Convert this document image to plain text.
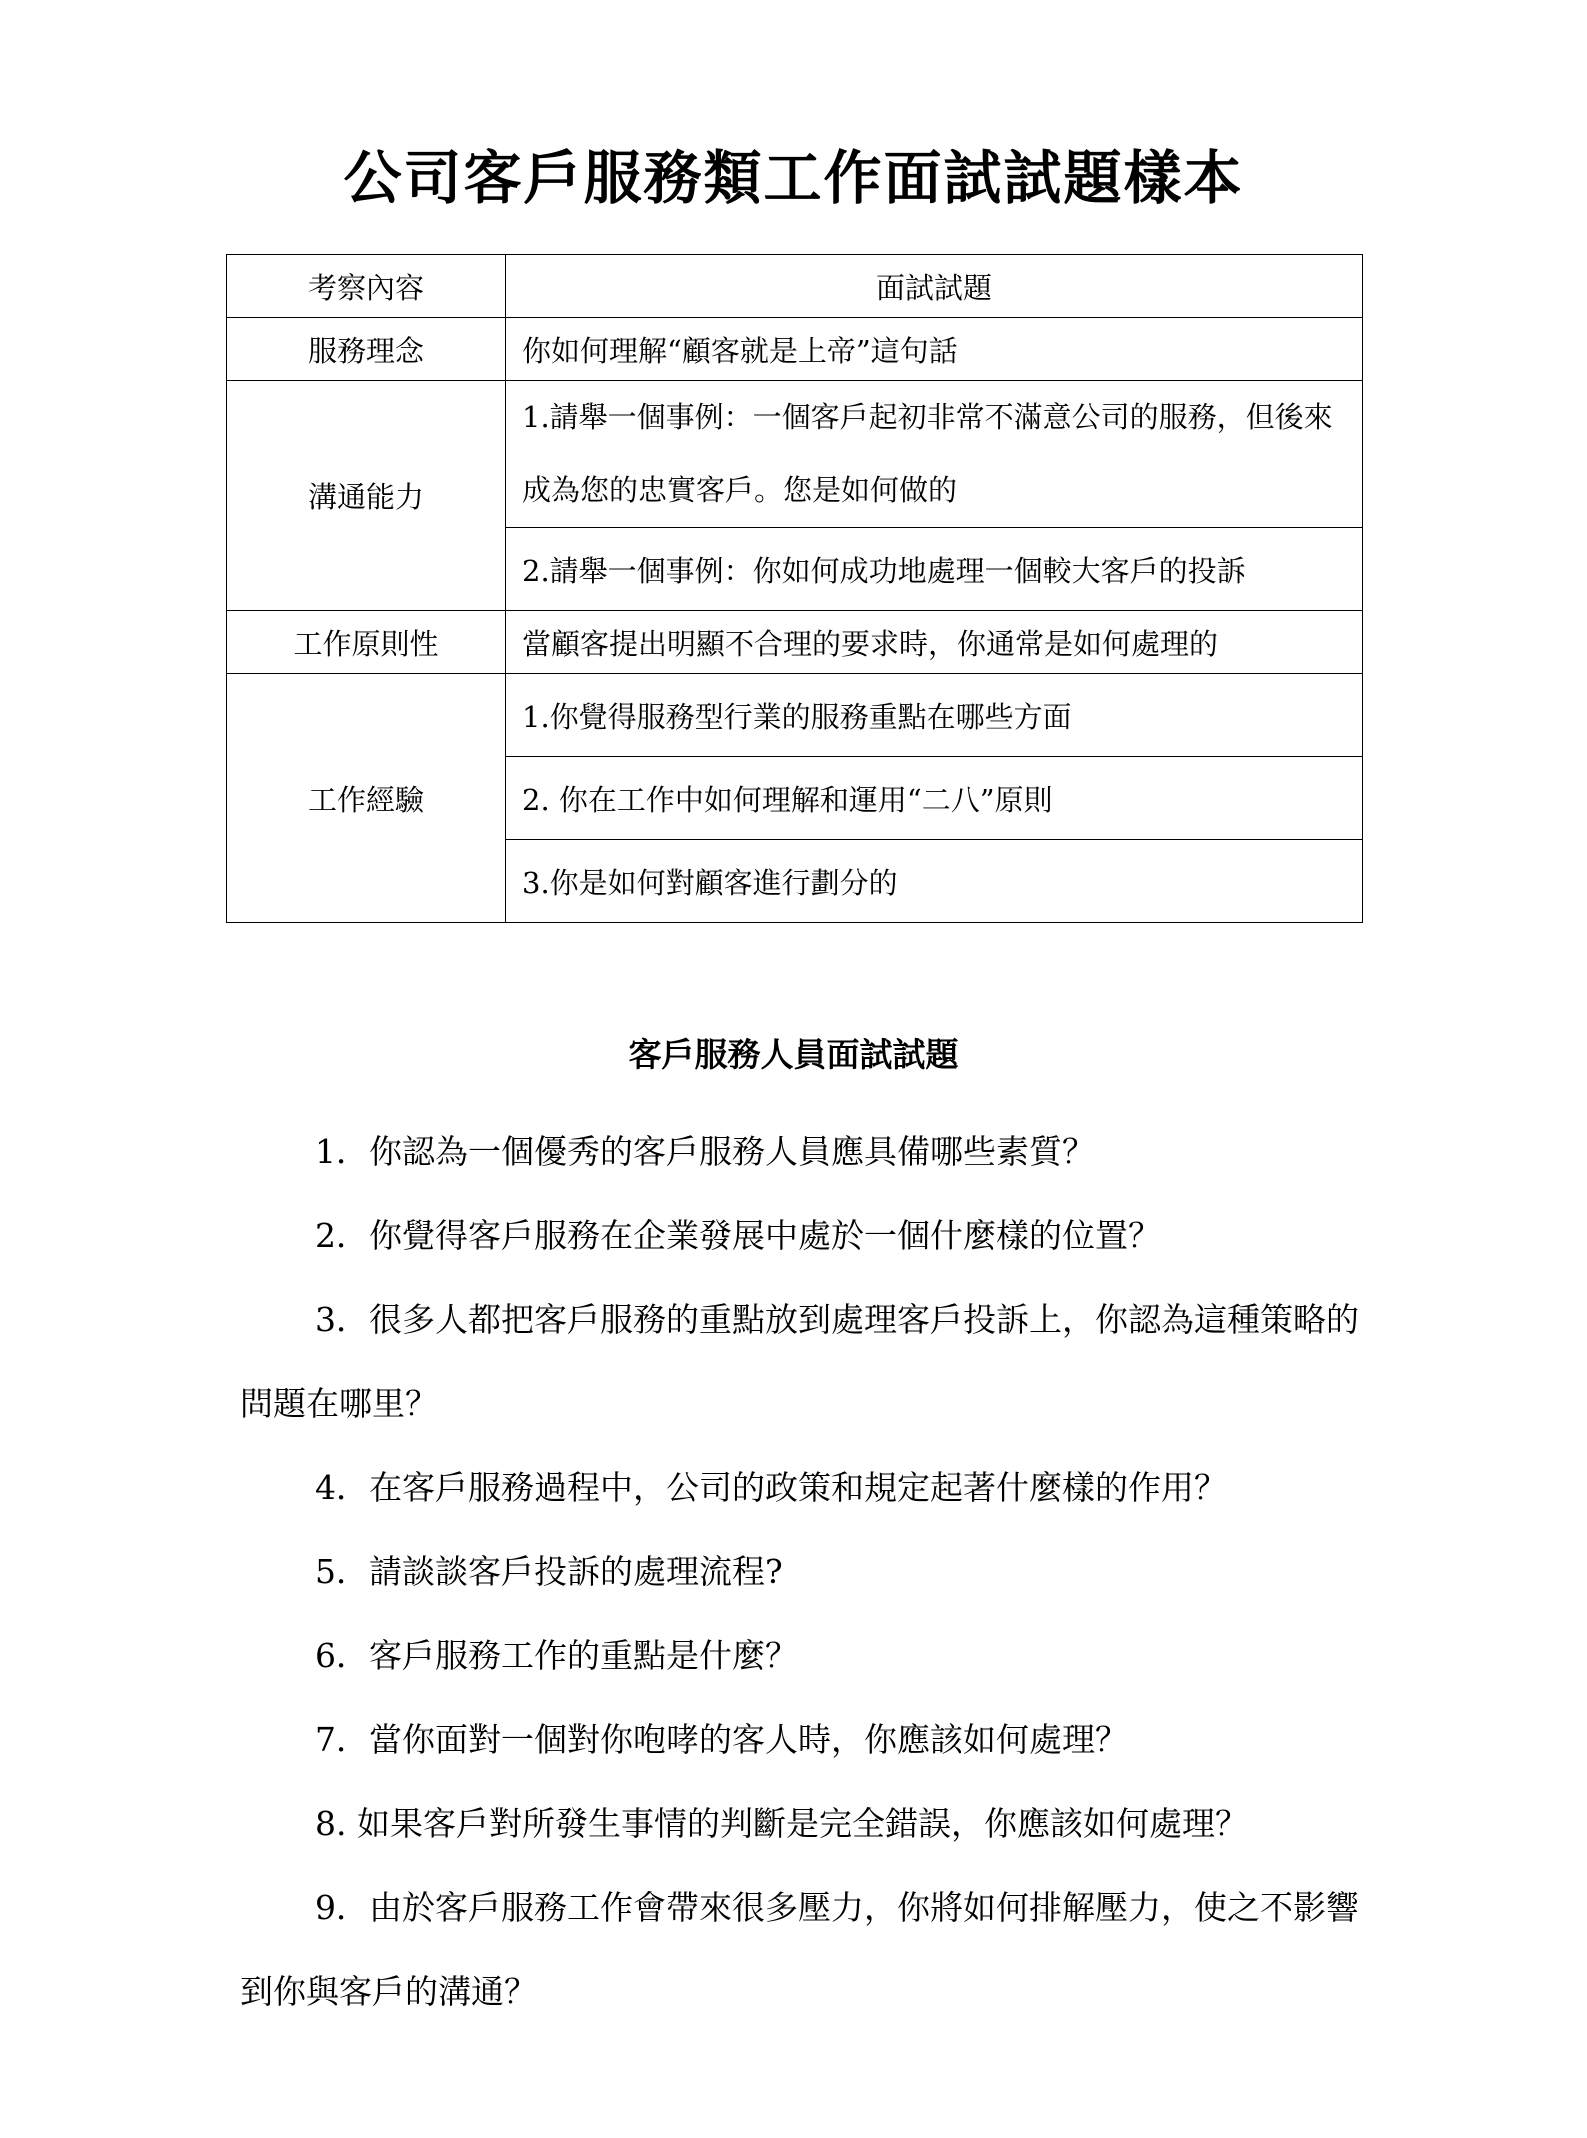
公司客戶服務類工作面試試題樣本
考察內容	面試試題
服務理念	你如何理解“顧客就是上帝”這句話
溝通能力	1.請舉一個事例：一個客戶起初非常不滿意公司的服務，但後來成為您的忠實客戶。您是如何做的
	2.請舉一個事例：你如何成功地處理一個較大客戶的投訴
工作原則性	當顧客提出明顯不合理的要求時，你通常是如何處理的
工作經驗	1.你覺得服務型行業的服務重點在哪些方面
	2. 你在工作中如何理解和運用“二八”原則
	3.你是如何對顧客進行劃分的
客戶服務人員面試試題

1．你認為一個優秀的客戶服務人員應具備哪些素質？

2．你覺得客戶服務在企業發展中處於一個什麼樣的位置？

3．很多人都把客戶服務的重點放到處理客戶投訴上，你認為這種策略的問題在哪里？

4．在客戶服務過程中，公司的政策和規定起著什麼樣的作用？

5．請談談客戶投訴的處理流程?

6．客戶服務工作的重點是什麼？

7．當你面對一個對你咆哮的客人時，你應該如何處理？

8. 如果客戶對所發生事情的判斷是完全錯誤，你應該如何處理？

9．由於客戶服務工作會帶來很多壓力，你將如何排解壓力，使之不影響到你與客戶的溝通？
